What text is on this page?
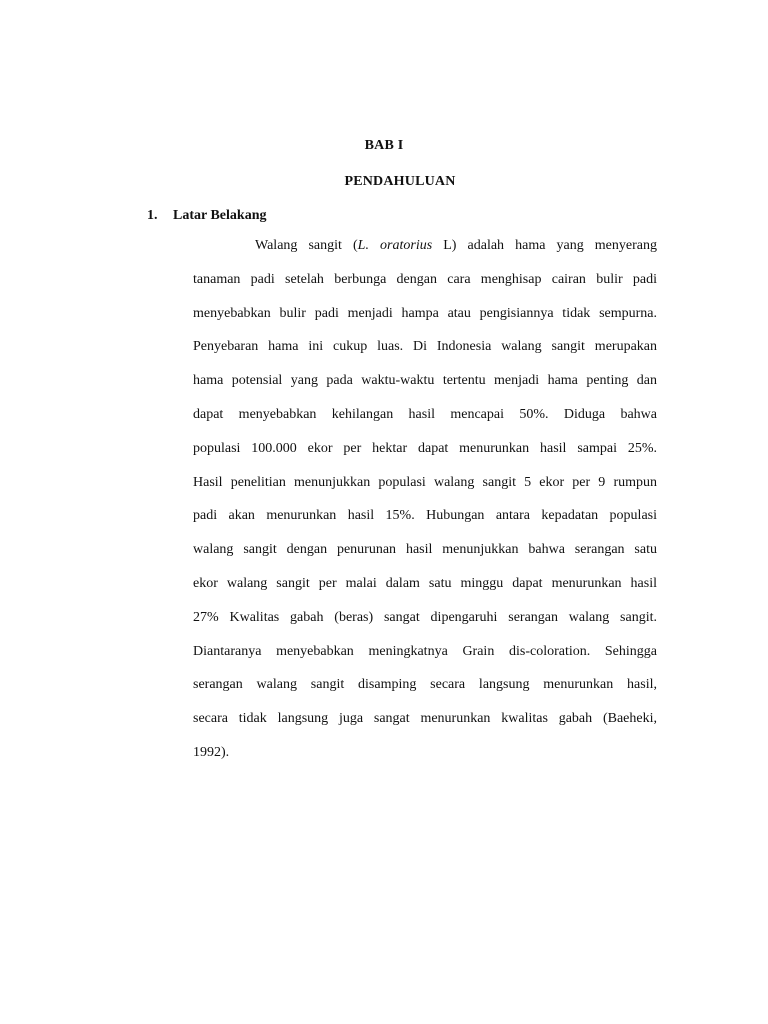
BAB I
PENDAHULUAN
1. Latar Belakang
Walang sangit (L. oratorius L) adalah hama yang menyerang
tanaman padi setelah berbunga dengan cara menghisap cairan bulir padi
menyebabkan bulir padi menjadi hampa atau pengisiannya tidak sempurna.
Penyebaran hama ini cukup luas. Di Indonesia walang sangit merupakan
hama potensial yang pada waktu-waktu tertentu menjadi hama penting dan
dapat menyebabkan kehilangan hasil mencapai 50%. Diduga bahwa
populasi 100.000 ekor per hektar dapat menurunkan hasil sampai 25%.
Hasil penelitian menunjukkan populasi walang sangit 5 ekor per 9 rumpun
padi akan menurunkan hasil 15%. Hubungan antara kepadatan populasi
walang sangit dengan penurunan hasil menunjukkan bahwa serangan satu
ekor walang sangit per malai dalam satu minggu dapat menurunkan hasil
27% Kwalitas gabah (beras) sangat dipengaruhi serangan walang sangit.
Diantaranya menyebabkan meningkatnya Grain dis-coloration. Sehingga
serangan walang sangit disamping secara langsung menurunkan hasil,
secara tidak langsung juga sangat menurunkan kwalitas gabah (Baeheki,
1992).
